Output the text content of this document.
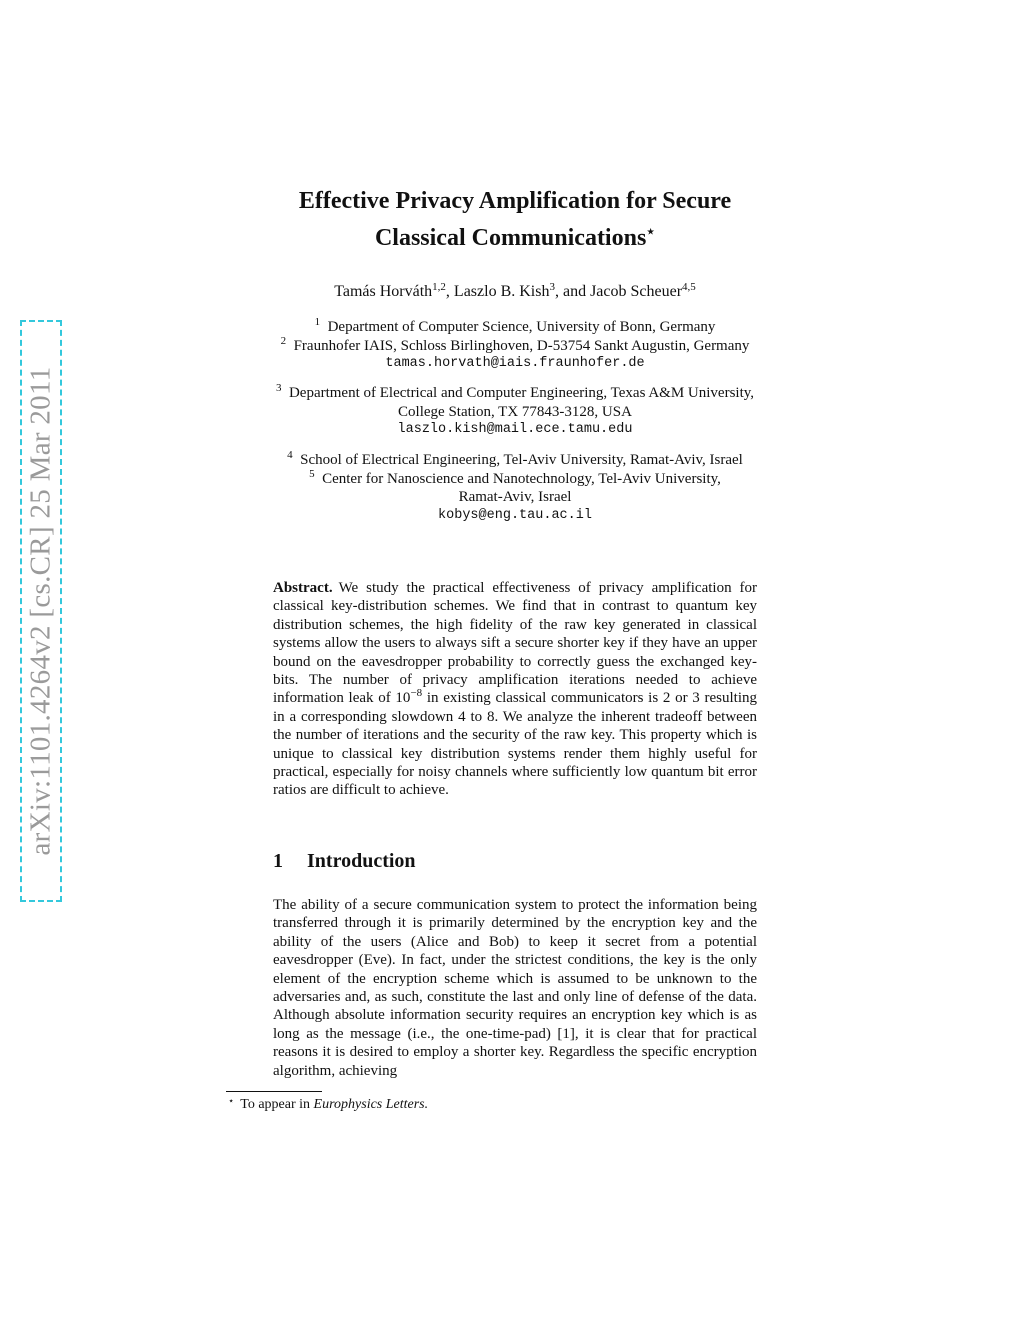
arXiv:1101.4264v2 [cs.CR] 25 Mar 2011
Effective Privacy Amplification for Secure
Classical Communications⋆
Tamás Horváth$^{1,2}$, Laszlo B. Kish$^3$, and Jacob Scheuer$^{4,5}$
$^1$ Department of Computer Science, University of Bonn, Germany
$^2$ Fraunhofer IAIS, Schloss Birlinghoven, D-53754 Sankt Augustin, Germany
tamas.horvath@iais.fraunhofer.de
$^3$ Department of Electrical and Computer Engineering, Texas A&M University,
College Station, TX 77843-3128, USA
laszlo.kish@mail.ece.tamu.edu
$^4$ School of Electrical Engineering, Tel-Aviv University, Ramat-Aviv, Israel
$^5$ Center for Nanoscience and Nanotechnology, Tel-Aviv University,
Ramat-Aviv, Israel
kobys@eng.tau.ac.il
Abstract. We study the practical effectiveness of privacy amplification for classical key-distribution schemes. We find that in contrast to quantum key distribution schemes, the high fidelity of the raw key generated in classical systems allow the users to always sift a secure shorter key if they have an upper bound on the eavesdropper probability to correctly guess the exchanged key-bits. The number of privacy amplification iterations needed to achieve information leak of $10^{-8}$ in existing classical communicators is 2 or 3 resulting in a corresponding slowdown 4 to 8. We analyze the inherent tradeoff between the number of iterations and the security of the raw key. This property which is unique to classical key distribution systems render them highly useful for practical, especially for noisy channels where sufficiently low quantum bit error ratios are difficult to achieve.
1 Introduction
The ability of a secure communication system to protect the information being transferred through it is primarily determined by the encryption key and the ability of the users (Alice and Bob) to keep it secret from a potential eavesdropper (Eve). In fact, under the strictest conditions, the key is the only element of the encryption scheme which is assumed to be unknown to the adversaries and, as such, constitute the last and only line of defense of the data. Although absolute information security requires an encryption key which is as long as the message (i.e., the one-time-pad) [1], it is clear that for practical reasons it is desired to employ a shorter key. Regardless the specific encryption algorithm, achieving
⋆ To appear in Europhysics Letters.
